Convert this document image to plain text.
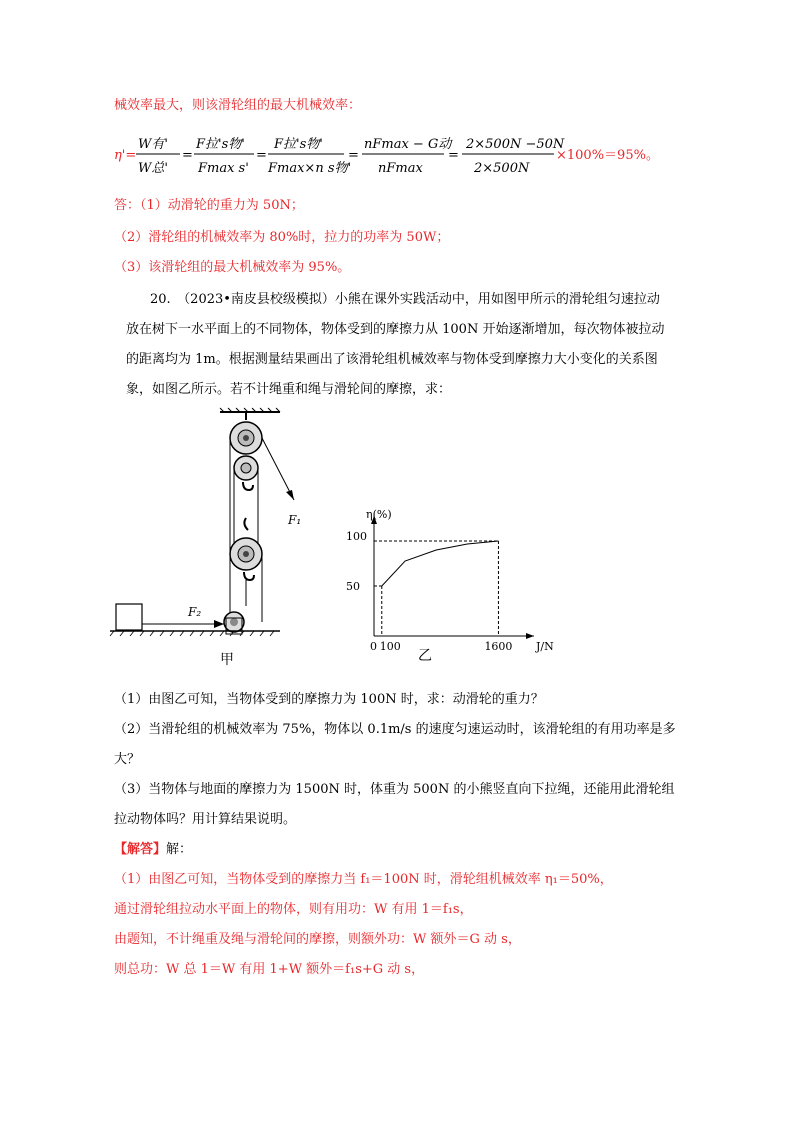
械效率最大，则该滑轮组的最大机械效率：
η'=
W有'
W总'
=
F拉's物'
Fmax s'
=
F拉's物'
Fmax×n s物'
=
nFmax − G动
nFmax
=
2×500N −50N
2×500N
×100%＝95%。
答：（1）动滑轮的重力为 50N；
（2）滑轮组的机械效率为 80%时，拉力的功率为 50W；
（3）该滑轮组的最大机械效率为 95%。
20.　（2023•南皮县校级模拟）小熊在课外实践活动中，用如图甲所示的滑轮组匀速拉动
放在树下一水平面上的不同物体，物体受到的摩擦力从 100N 开始逐渐增加，每次物体被拉动
的距离均为 1m。根据测量结果画出了该滑轮组机械效率与物体受到摩擦力大小变化的关系图
象，如图乙所示。若不计绳重和绳与滑轮间的摩擦，求：
F₁
F₂
甲
η(%)
J/N
0 100	1600
50
100
乙
（1）由图乙可知，当物体受到的摩擦力为 100N 时，求：动滑轮的重力？
（2）当滑轮组的机械效率为 75%，物体以 0.1m/s 的速度匀速运动时，该滑轮组的有用功率是多
大？
（3）当物体与地面的摩擦力为 1500N 时，体重为 500N 的小熊竖直向下拉绳，还能用此滑轮组
拉动物体吗？用计算结果说明。
【解答】解：
（1）由图乙可知，当物体受到的摩擦力当 f₁＝100N 时，滑轮组机械效率 η₁＝50%，
通过滑轮组拉动水平面上的物体，则有用功：W 有用 1＝f₁s，
由题知，不计绳重及绳与滑轮间的摩擦，则额外功：W 额外＝G 动 s，
则总功：W 总 1＝W 有用 1+W 额外＝f₁s+G 动 s，
